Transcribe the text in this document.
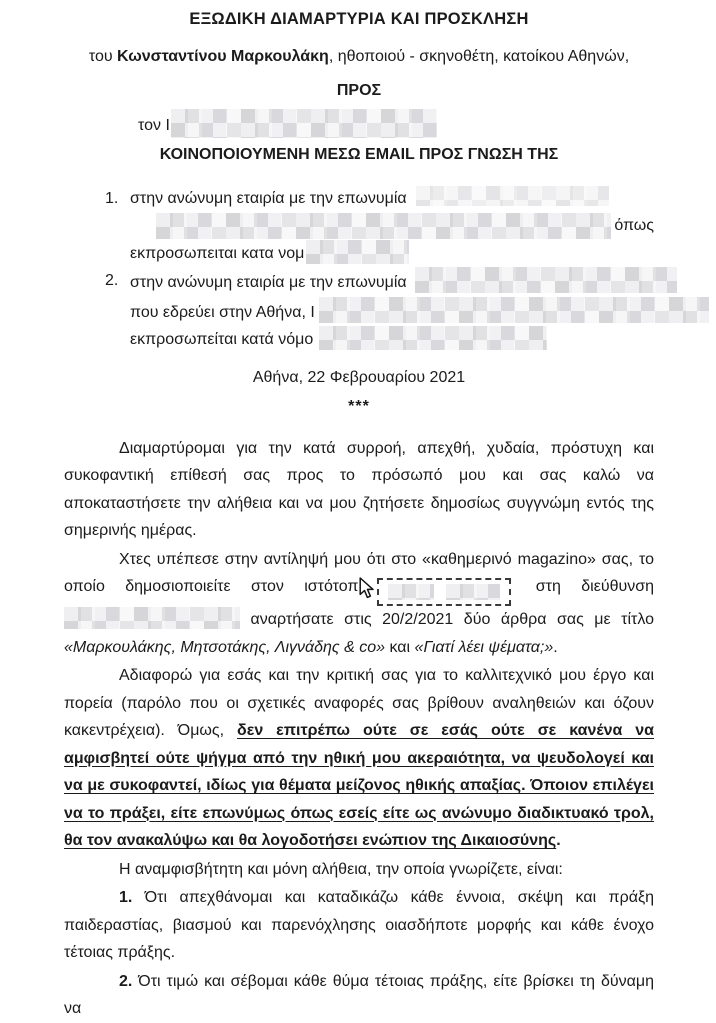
ΕΞΩΔΙΚΗ ΔΙΑΜΑΡΤΥΡΙΑ ΚΑΙ ΠΡΟΣΚΛΗΣΗ
του Κωνσταντίνου Μαρκουλάκη, ηθοποιού - σκηνοθέτη, κατοίκου Αθηνών,
ΠΡΟΣ
τον Ι
ΚΟΙΝΟΠΟΙΟΥΜΕΝΗ ΜΕΣΩ EMAIL ΠΡΟΣ ΓΝΩΣΗ ΤΗΣ
1. στην ανώνυμη εταιρία με την επωνυμία
όπως
εκπροσωπειται κατα νομ
2. στην ανώνυμη εταιρία με την επωνυμία
που εδρεύει στην Αθήνα, Ι
εκπροσωπείται κατά νόμο
Αθήνα, 22 Φεβρουαρίου 2021
***

Διαμαρτύρομαι για την κατά συρροή, απεχθή, χυδαία, πρόστυχη και συκοφαντική επίθεσή σας προς το πρόσωπό μου και σας καλώ να αποκαταστήσετε την αλήθεια και να μου ζητήσετε δημοσίως συγγνώμη εντός της σημερινής ημέρας.

Χτες υπέπεσε στην αντίληψή μου ότι στο «καθημερινό magazino» σας, το οποίο δημοσιοποιείτε στον ιστότοπ	στη διεύθυνση  αναρτήσατε στις 20/2/2021 δύο άρθρα σας με τίτλο «Μαρκουλάκης, Μητσοτάκης, Λιγνάδης & co» και «Γιατί λέει ψέματα;».

Αδιαφορώ για εσάς και την κριτική σας για το καλλιτεχνικό μου έργο και πορεία (παρόλο που οι σχετικές αναφορές σας βρίθουν αναληθειών και όζουν κακεντρέχεια). Όμως, δεν επιτρέπω ούτε σε εσάς ούτε σε κανένα να αμφισβητεί ούτε ψήγμα από την ηθική μου ακεραιότητα, να ψευδολογεί και να με συκοφαντεί, ιδίως για θέματα μείζονος ηθικής απαξίας. Όποιον επιλέγει να το πράξει, είτε επωνύμως όπως εσείς είτε ως ανώνυμο διαδικτυακό τρολ, θα τον ανακαλύψω και θα λογοδοτήσει ενώπιον της Δικαιοσύνης.

Η αναμφισβήτητη και μόνη αλήθεια, την οποία γνωρίζετε, είναι:

1. Ότι απεχθάνομαι και καταδικάζω κάθε έννοια, σκέψη και πράξη παιδεραστίας, βιασμού και παρενόχλησης οιασδήποτε μορφής και κάθε ένοχο τέτοιας πράξης.

2. Ότι τιμώ και σέβομαι κάθε θύμα τέτοιας πράξης, είτε βρίσκει τη δύναμη να
